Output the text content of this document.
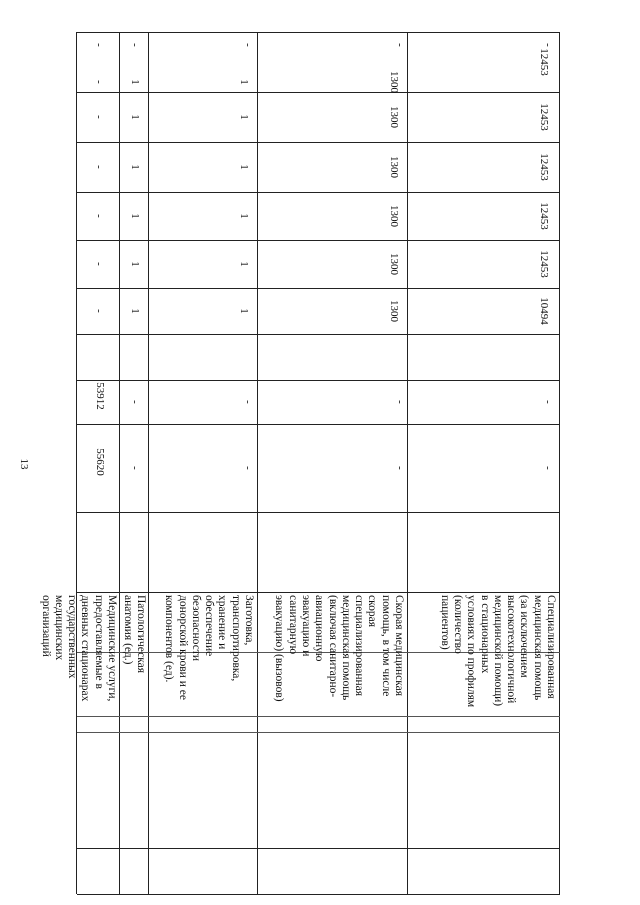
13
Специализированная
медицинская помощь
(за исключением
высокотехнологичной
медицинской помощи)
в стационарных
условиях по профилям
(количество
пациентов)
Скорая медицинская
помощь, в том числе
скорая
специализированная
медицинская помощь
(включая санитарно-
авиационную
эвакуацию и
санитарную
эвакуацию) (вызовов)
Заготовка,
транспортировка,
хранение и
обеспечение
безопасности
донорской крови и ее
компонентов (ед).
Патологическая
анатомия (ед.)
Медицинские услуги,
предоставляемые в
дневных стационарах
государственных
медицинских
организаций
-
-
10494
12453
12453
12453
12453
12453
-
-
-
1300
1300
1300
1300
1300
1300
-
-
-
1
1
1
1
1
1
-
-
-
1
1
1
1
1
1
-
55620
53912
-
-
-
-
-
-
-
